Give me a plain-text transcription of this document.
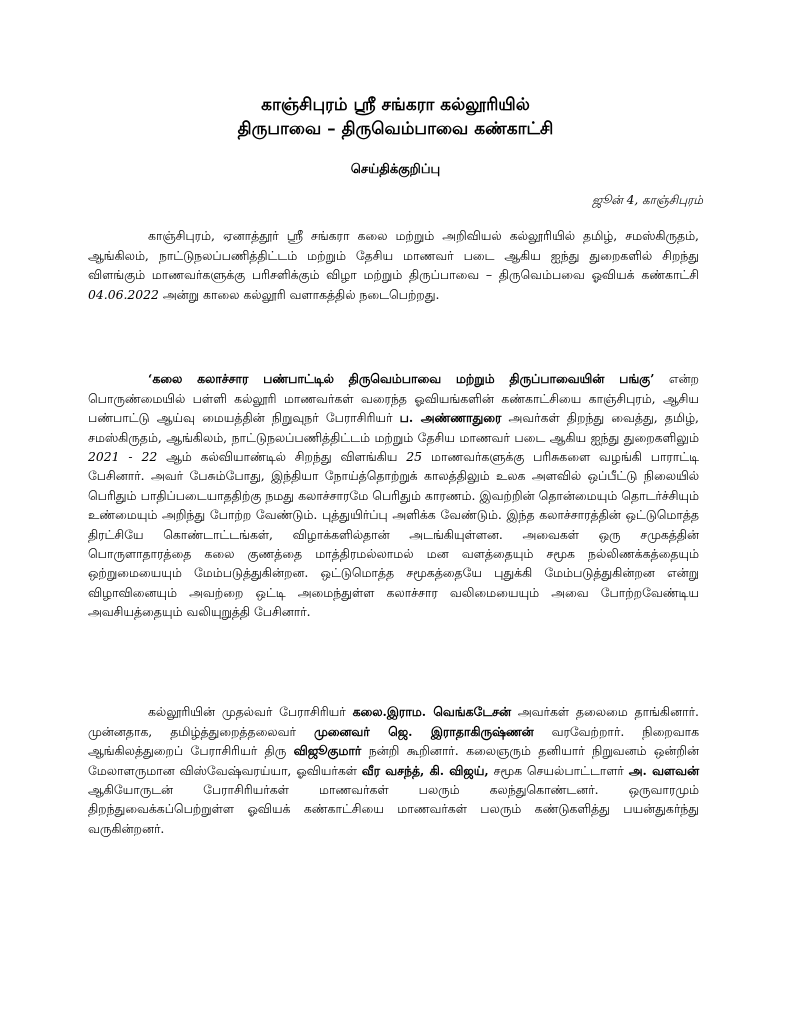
காஞ்சிபுரம் ஸ்ரீ சங்கரா கல்லூரியில்
திருபாவை – திருவெம்பாவை கண்காட்சி
செய்திக்குறிப்பு
ஜூன் 4, காஞ்சிபுரம்

காஞ்சிபுரம், ஏனாத்தூர் ஸ்ரீ சங்கரா கலை மற்றும் அறிவியல் கல்லூரியில் தமிழ், சமஸ்கிருதம், ஆங்கிலம், நாட்டுநலப்பணித்திட்டம் மற்றும் தேசிய மாணவர் படை ஆகிய ஐந்து துறைகளில் சிறந்து விளங்கும் மாணவர்களுக்கு பரிசளிக்கும் விழா மற்றும் திருப்பாவை – திருவெம்பவை ஓவியக் கண்காட்சி 04.06.2022 அன்று காலை கல்லூரி வளாகத்தில் நடைபெற்றது.

‘கலை கலாச்சார பண்பாட்டில் திருவெம்பாவை மற்றும் திருப்பாவையின் பங்கு’ என்ற பொருண்மையில் பள்ளி கல்லூரி மாணவர்கள் வரைந்த ஓவியங்களின் கண்காட்சியை காஞ்சிபுரம், ஆசிய பண்பாட்டு ஆய்வு மையத்தின் நிறுவுநர் பேராசிரியர் ப. அண்ணாதுரை அவர்கள் திறந்து வைத்து, தமிழ், சமஸ்கிருதம், ஆங்கிலம், நாட்டுநலப்பணித்திட்டம் மற்றும் தேசிய மாணவர் படை ஆகிய ஐந்து துறைகளிலும் 2021 - 22 ஆம் கல்வியாண்டில் சிறந்து விளங்கிய 25 மாணவர்களுக்கு பரிசுகளை வழங்கி பாராட்டி பேசினார். அவர் பேசும்போது, இந்தியா நோய்த்தொற்றுக் காலத்திலும் உலக அளவில் ஒப்பீட்டு நிலையில் பெரிதும் பாதிப்படையாததிற்கு நமது கலாச்சாரமே பெரிதும் காரணம். இவற்றின் தொன்மையும் தொடர்ச்சியும் உண்மையும் அறிந்து போற்ற வேண்டும். புத்துயிர்ப்பு அளிக்க வேண்டும். இந்த கலாச்சாரத்தின் ஒட்டுமொத்த திரட்சியே கொண்டாட்டங்கள், விழாக்களில்தான் அடங்கியுள்ளன. அவைகள் ஒரு சமுகத்தின் பொருளாதாரத்தை கலை குணத்தை மாத்திரமல்லாமல் மன வளத்தையும் சமூக நல்லிணக்கத்தையும் ஒற்றுமையையும் மேம்படுத்துகின்றன. ஒட்டுமொத்த சமூகத்தையே புதுக்கி மேம்படுத்துகின்றன என்று விழாவினையும் அவற்றை ஒட்டி அமைந்துள்ள கலாச்சார வலிமையையும் அவை போற்றவேண்டிய அவசியத்தையும் வலியுறுத்தி பேசினார்.

கல்லூரியின் முதல்வர் பேராசிரியர் கலை.இராம. வெங்கடேசன் அவர்கள் தலைமை தாங்கினார். முன்னதாக, தமிழ்த்துறைத்தலைவர் முனைவர் ஜெ. இராதாகிருஷ்ணன் வரவேற்றார். நிறைவாக ஆங்கிலத்துறைப் பேராசிரியர் திரு விஜூகுமார் நன்றி கூறினார். கலைஞரும் தனியார் நிறுவனம் ஒன்றின் மேலாளருமான விஸ்வேஷ்வரய்யா, ஓவியர்கள் வீர வசந்த், கி. விஜய், சமூக செயல்பாட்டாளர் அ. வளவன் ஆகியோருடன் பேராசிரியர்கள் மாணவர்கள் பலரும் கலந்துகொண்டனர். ஒருவாரமும் திறந்துவைக்கப்பெற்றுள்ள ஓவியக் கண்காட்சியை மாணவர்கள் பலரும் கண்டுகளித்து பயன்துகர்ந்து வருகின்றனர்.
